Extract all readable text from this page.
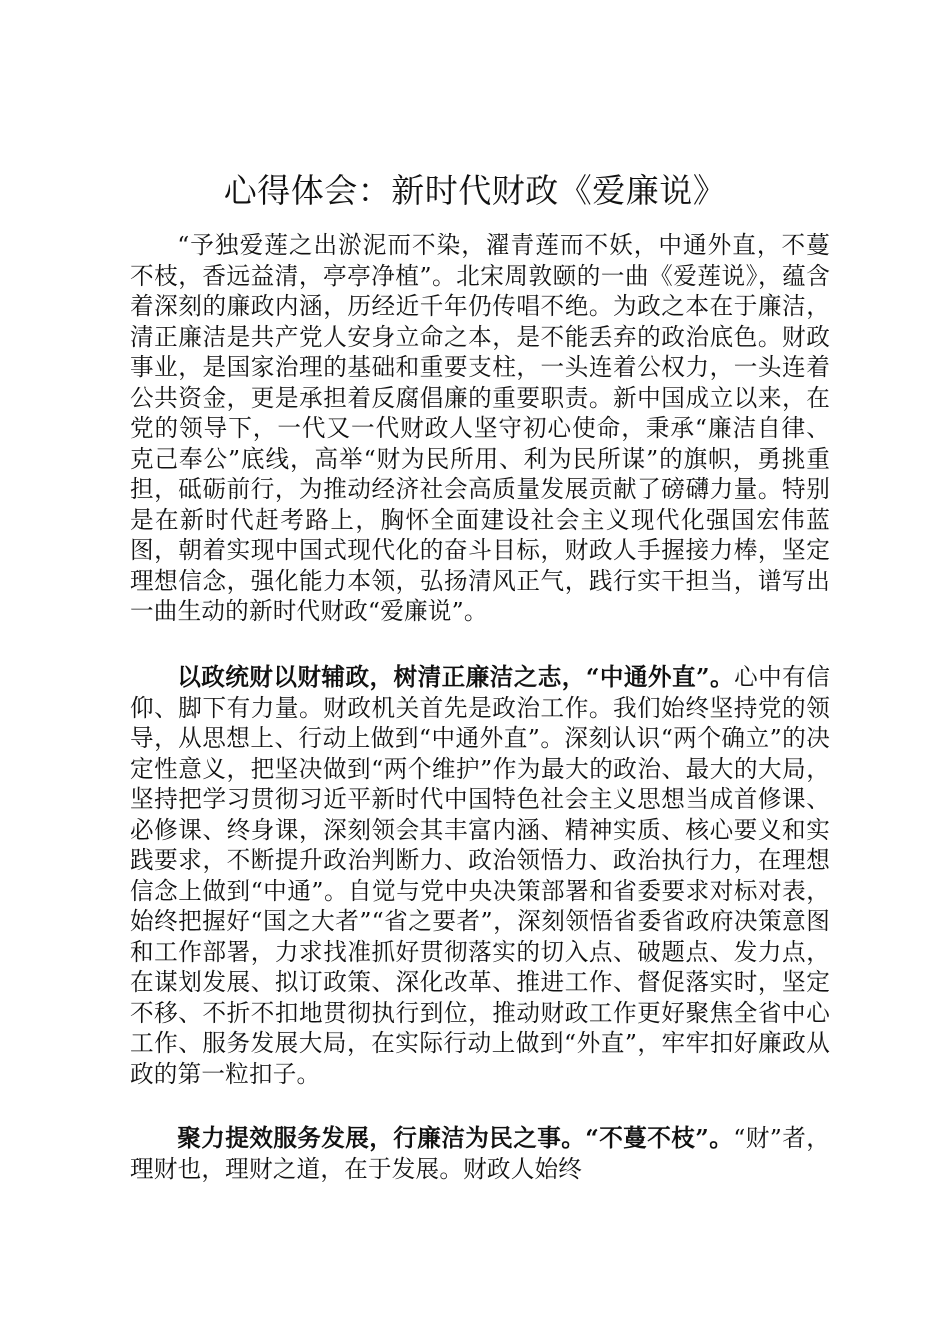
心得体会：新时代财政《爱廉说》

“予独爱莲之出淤泥而不染，濯青莲而不妖，中通外直，不蔓不枝，香远益清，亭亭净植”。北宋周敦颐的一曲《爱莲说》，蕴含着深刻的廉政内涵，历经近千年仍传唱不绝。为政之本在于廉洁，清正廉洁是共产党人安身立命之本，是不能丢弃的政治底色。财政事业，是国家治理的基础和重要支柱，一头连着公权力，一头连着公共资金，更是承担着反腐倡廉的重要职责。新中国成立以来，在党的领导下，一代又一代财政人坚守初心使命，秉承“廉洁自律、克己奉公”底线，高举“财为民所用、利为民所谋”的旗帜，勇挑重担，砥砺前行，为推动经济社会高质量发展贡献了磅礴力量。特别是在新时代赶考路上，胸怀全面建设社会主义现代化强国宏伟蓝图，朝着实现中国式现代化的奋斗目标，财政人手握接力棒，坚定理想信念，强化能力本领，弘扬清风正气，践行实干担当，谱写出一曲生动的新时代财政“爱廉说”。

以政统财以财辅政，树清正廉洁之志，“中通外直”。心中有信仰、脚下有力量。财政机关首先是政治工作。我们始终坚持党的领导，从思想上、行动上做到“中通外直”。深刻认识“两个确立”的决定性意义，把坚决做到“两个维护”作为最大的政治、最大的大局，坚持把学习贯彻习近平新时代中国特色社会主义思想当成首修课、必修课、终身课，深刻领会其丰富内涵、精神实质、核心要义和实践要求，不断提升政治判断力、政治领悟力、政治执行力，在理想信念上做到“中通”。自觉与党中央决策部署和省委要求对标对表，始终把握好“国之大者”“省之要者”，深刻领悟省委省政府决策意图和工作部署，力求找准抓好贯彻落实的切入点、破题点、发力点，在谋划发展、拟订政策、深化改革、推进工作、督促落实时，坚定不移、不折不扣地贯彻执行到位，推动财政工作更好聚焦全省中心工作、服务发展大局，在实际行动上做到“外直”，牢牢扣好廉政从政的第一粒扣子。

聚力提效服务发展，行廉洁为民之事。“不蔓不枝”。“财”者，理财也，理财之道，在于发展。财政人始终
